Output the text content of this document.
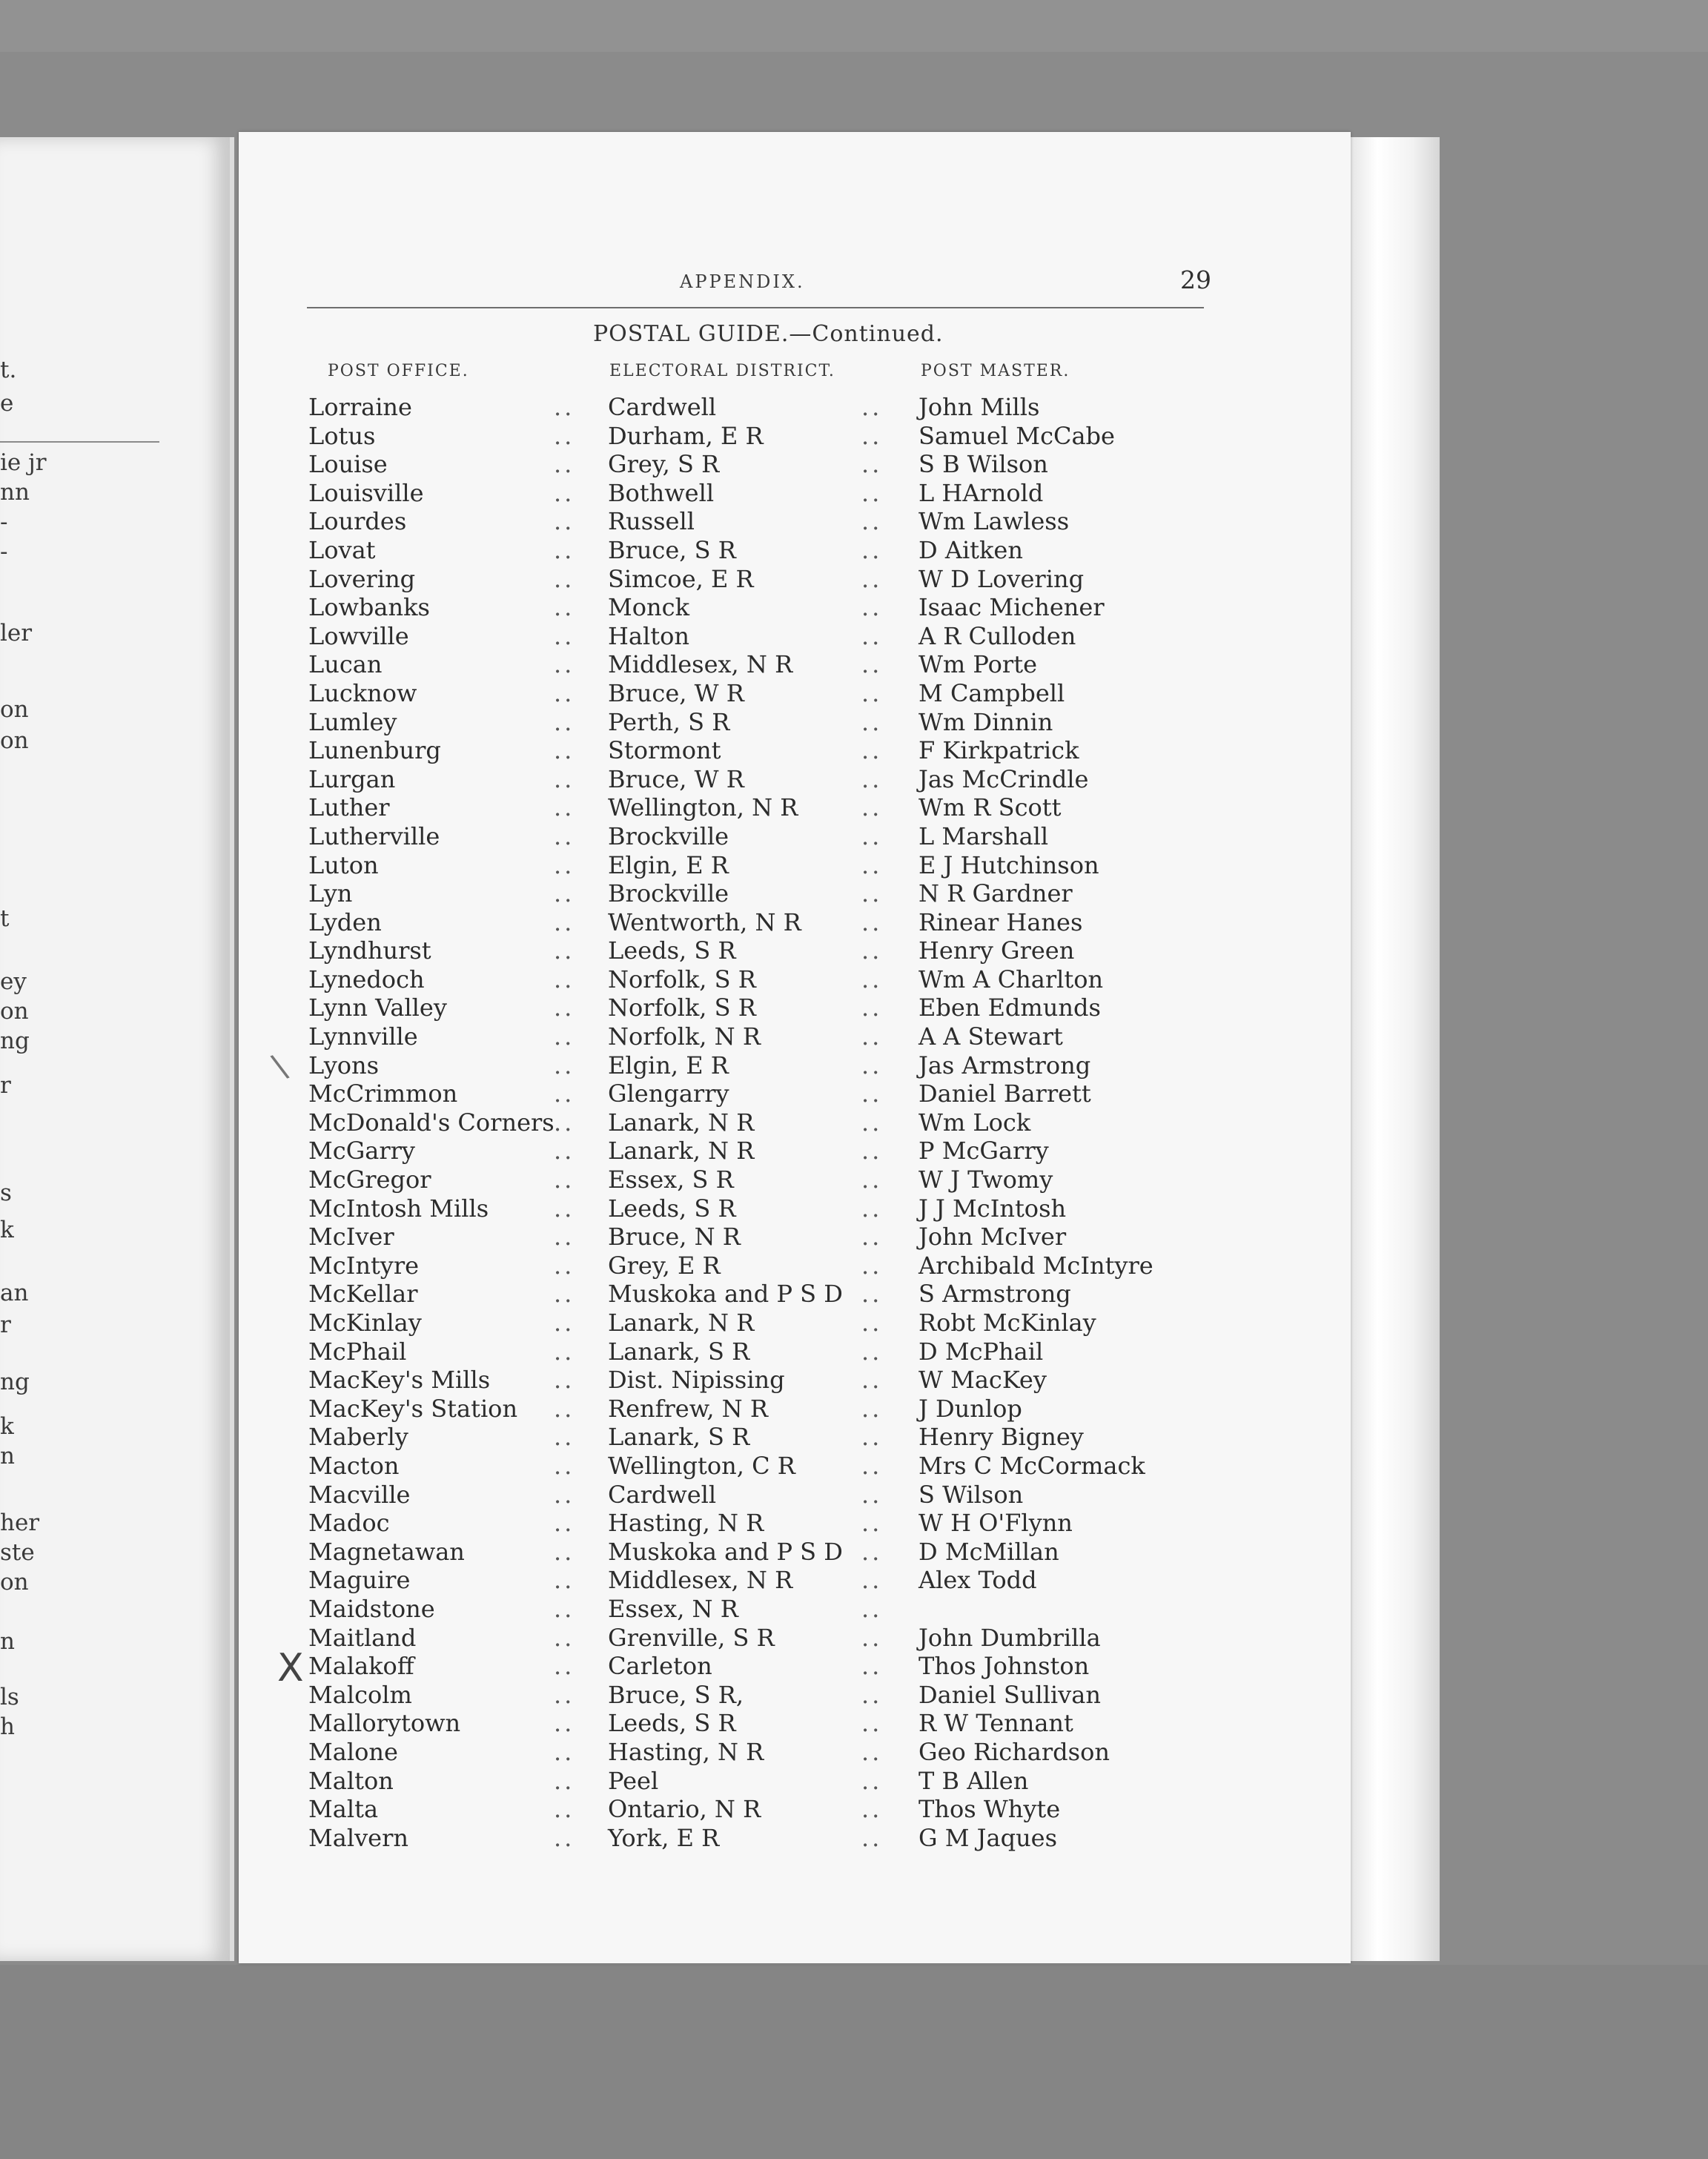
t.
e
ie jr
nn
-
-
ler
on
on
t
ey
on
ng
r
s
k
an
r
ng
k
n
her
ste
on
n
ls
h
APPENDIX.	29
POSTAL GUIDE.—Continued.
POST OFFICE.	ELECTORAL DISTRICT.	POST MASTER.
Lorraine	.. Cardwell	.. John Mills
Lotus	.. Durham, E R	.. Samuel McCabe
Louise	.. Grey, S R	.. S B Wilson
Louisville	.. Bothwell	.. L HArnold
Lourdes	.. Russell	.. Wm Lawless
Lovat	.. Bruce, S R	.. D Aitken
Lovering	.. Simcoe, E R	.. W D Lovering
Lowbanks	.. Monck	.. Isaac Michener
Lowville	.. Halton	.. A R Culloden
Lucan	.. Middlesex, N R	.. Wm Porte
Lucknow	.. Bruce, W R	.. M Campbell
Lumley	.. Perth, S R	.. Wm Dinnin
Lunenburg	.. Stormont	.. F Kirkpatrick
Lurgan	.. Bruce, W R	.. Jas McCrindle
Luther	.. Wellington, N R	.. Wm R Scott
Lutherville	.. Brockville	.. L Marshall
Luton	.. Elgin, E R	.. E J Hutchinson
Lyn	.. Brockville	.. N R Gardner
Lyden	.. Wentworth, N R	.. Rinear Hanes
Lyndhurst	.. Leeds, S R	.. Henry Green
Lynedoch	.. Norfolk, S R	.. Wm A Charlton
Lynn Valley	.. Norfolk, S R	.. Eben Edmunds
Lynnville	.. Norfolk, N R	.. A A Stewart
Lyons	.. Elgin, E R	.. Jas Armstrong
McCrimmon	.. Glengarry	.. Daniel Barrett
McDonald's Corners .. Lanark, N R	.. Wm Lock
McGarry	.. Lanark, N R	.. P McGarry
McGregor	.. Essex, S R	.. W J Twomy
McIntosh Mills	.. Leeds, S R	.. J J McIntosh
McIver	.. Bruce, N R	.. John McIver
McIntyre	.. Grey, E R	.. Archibald McIntyre
McKellar	.. Muskoka and P S D .. S Armstrong
McKinlay	.. Lanark, N R	.. Robt McKinlay
McPhail	.. Lanark, S R	.. D McPhail
MacKey's Mills	.. Dist. Nipissing	.. W MacKey
MacKey's Station .. Renfrew, N R	.. J Dunlop
Maberly	.. Lanark, S R	.. Henry Bigney
Macton	.. Wellington, C R	.. Mrs C McCormack
Macville	.. Cardwell	.. S Wilson
Madoc	.. Hasting, N R	.. W H O'Flynn
Magnetawan	.. Muskoka and P S D .. D McMillan
Maguire	.. Middlesex, N R	.. Alex Todd
Maidstone	.. Essex, N R	..
Maitland	.. Grenville, S R	.. John Dumbrilla
Malakoff	.. Carleton	.. Thos Johnston
Malcolm	.. Bruce, S R,	.. Daniel Sullivan
Mallorytown	.. Leeds, S R	.. R W Tennant
Malone	.. Hasting, N R	.. Geo Richardson
Malton	.. Peel	.. T B Allen
Malta	.. Ontario, N R	.. Thos Whyte
Malvern	.. York, E R	.. G M Jaques
\
X
